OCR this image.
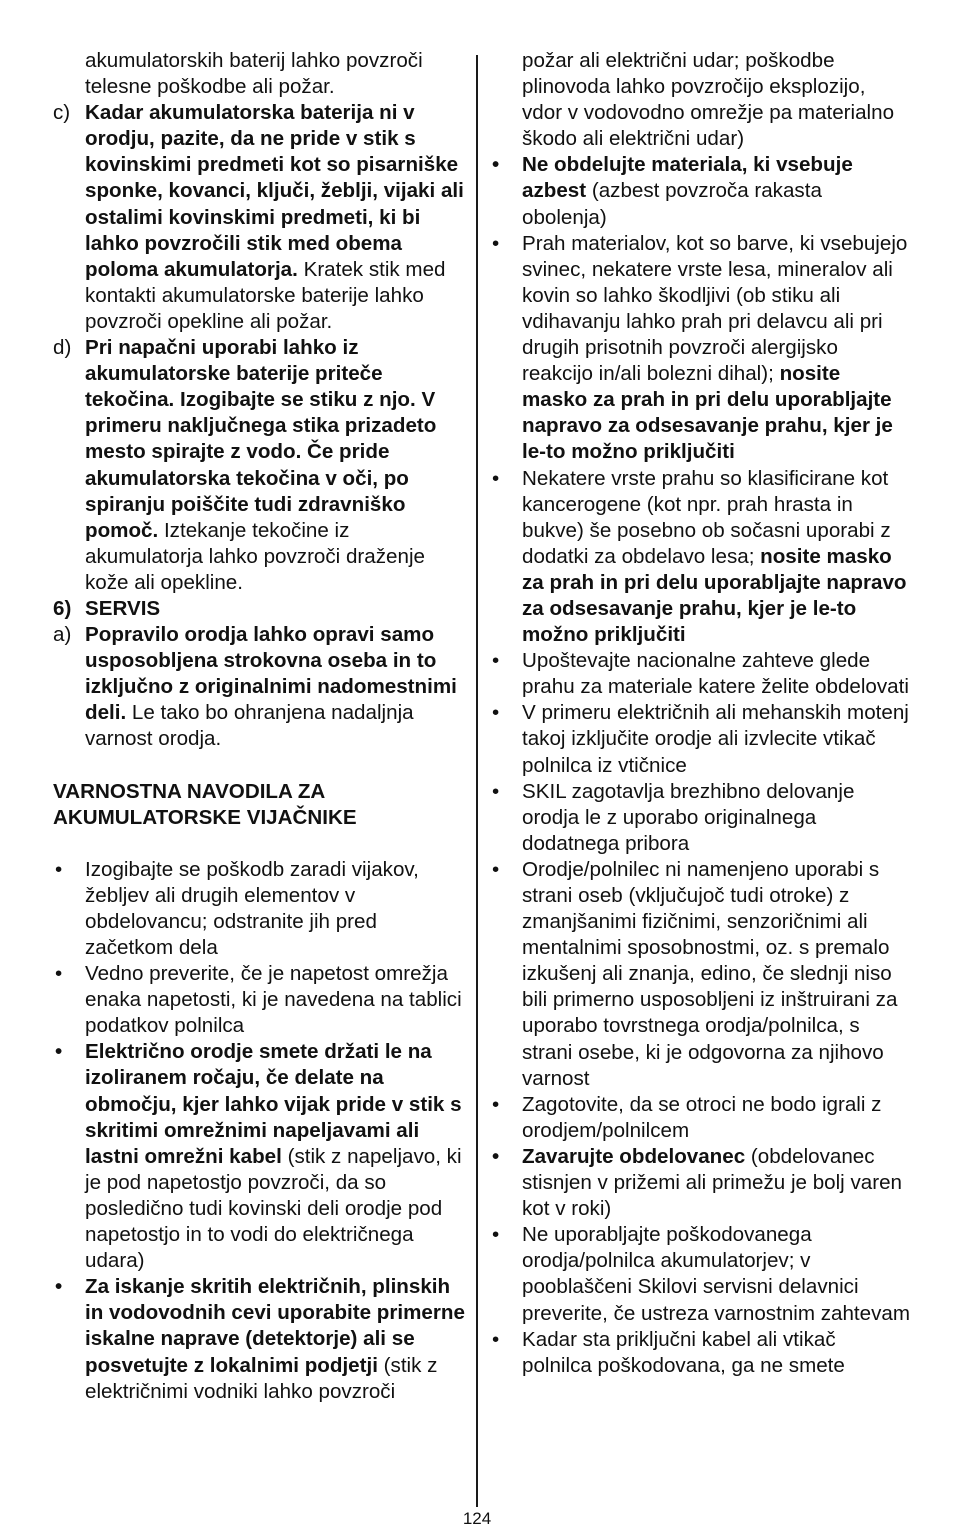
akumulatorskih baterij lahko povzroči telesne poškodbe ali požar.
c) Kadar akumulatorska baterija ni v orodju, pazite, da ne pride v stik s kovinskimi predmeti kot so pisarniške sponke, kovanci, ključi, žeblji, vijaki ali ostalimi kovinskimi predmeti, ki bi lahko povzročili stik med obema poloma akumulatorja. Kratek stik med kontakti akumulatorske baterije lahko povzroči opekline ali požar.
d) Pri napačni uporabi lahko iz akumulatorske baterije priteče tekočina. Izogibajte se stiku z njo. V primeru naključnega stika prizadeto mesto spirajte z vodo. Če pride akumulatorska tekočina v oči, po spiranju poiščite tudi zdravniško pomoč. Iztekanje tekočine iz akumulatorja lahko povzroči draženje kože ali opekline.
6) SERVIS
a) Popravilo orodja lahko opravi samo usposobljena strokovna oseba in to izključno z originalnimi nadomestnimi deli. Le tako bo ohranjena nadaljnja varnost orodja.
VARNOSTNA NAVODILA ZA
AKUMULATORSKE VIJAČNIKE
• Izogibajte se poškodb zaradi vijakov, žebljev ali drugih elementov v obdelovancu; odstranite jih pred začetkom dela
• Vedno preverite, če je napetost omrežja enaka napetosti, ki je navedena na tablici podatkov polnilca
• Električno orodje smete držati le na izoliranem ročaju, če delate na območju, kjer lahko vijak pride v stik s skritimi omrežnimi napeljavami ali lastni omrežni kabel (stik z napeljavo, ki je pod napetostjo povzroči, da so posledično tudi kovinski deli orodje pod napetostjo in to vodi do električnega udara)
• Za iskanje skritih električnih, plinskih in vodovodnih cevi uporabite primerne iskalne naprave (detektorje) ali se posvetujte z lokalnimi podjetji (stik z električnimi vodniki lahko povzroči
požar ali električni udar; poškodbe plinovoda lahko povzročijo eksplozijo, vdor v vodovodno omrežje pa materialno škodo ali električni udar)
• Ne obdelujte materiala, ki vsebuje azbest (azbest povzroča rakasta obolenja)
• Prah materialov, kot so barve, ki vsebujejo svinec, nekatere vrste lesa, mineralov ali kovin so lahko škodljivi (ob stiku ali vdihavanju lahko prah pri delavcu ali pri drugih prisotnih povzroči alergijsko reakcijo in/ali bolezni dihal); nosite masko za prah in pri delu uporabljajte napravo za odsesavanje prahu, kjer je le-to možno priključiti
• Nekatere vrste prahu so klasificirane kot kancerogene (kot npr. prah hrasta in bukve) še posebno ob sočasni uporabi z dodatki za obdelavo lesa; nosite masko za prah in pri delu uporabljajte napravo za odsesavanje prahu, kjer je le-to možno priključiti
• Upoštevajte nacionalne zahteve glede prahu za materiale katere želite obdelovati
• V primeru električnih ali mehanskih motenj takoj izključite orodje ali izvlecite vtikač polnilca iz vtičnice
• SKIL zagotavlja brezhibno delovanje orodja le z uporabo originalnega dodatnega pribora
• Orodje/polnilec ni namenjeno uporabi s strani oseb (vključujoč tudi otroke) z zmanjšanimi fizičnimi, senzoričnimi ali mentalnimi sposobnostmi, oz. s premalo izkušenj ali znanja, edino, če slednji niso bili primerno usposobljeni iz inštruirani za uporabo tovrstnega orodja/polnilca, s strani osebe, ki je odgovorna za njihovo varnost
• Zagotovite, da se otroci ne bodo igrali z orodjem/polnilcem
• Zavarujte obdelovanec (obdelovanec stisnjen v prižemi ali primežu je bolj varen kot v roki)
• Ne uporabljajte poškodovanega orodja/polnilca akumulatorjev; v pooblaščeni Skilovi servisni delavnici preverite, če ustreza varnostnim zahtevam
• Kadar sta priključni kabel ali vtikač polnilca poškodovana, ga ne smete
124
